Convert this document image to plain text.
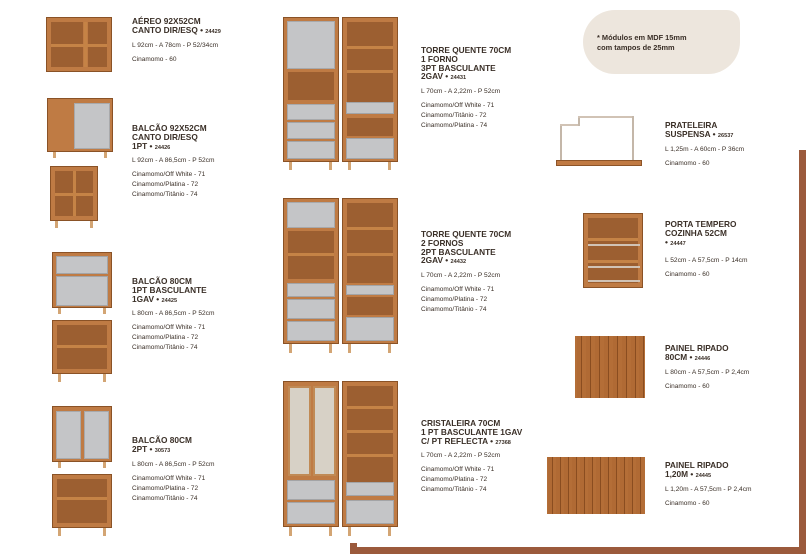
* Módulos em MDF 15mm
com tampos de 25mm
AÉREO 92X52CM
CANTO DIR/ESQ • 24429
L 92cm - A 78cm - P 52/34cm
Cinamomo - 60
BALCÃO 92X52CM
CANTO DIR/ESQ
1PT • 24426
L 92cm - A 86,5cm - P 52cm
Cinamomo/Off White - 71
Cinamomo/Platina - 72
Cinamomo/Titânio - 74
BALCÃO 80CM
1PT BASCULANTE
1GAV • 24425
L 80cm - A 86,5cm - P 52cm
Cinamomo/Off White - 71
Cinamomo/Platina - 72
Cinamomo/Titânio - 74
BALCÃO 80CM
2PT • 30573
L 80cm - A 86,5cm - P 52cm
Cinamomo/Off White - 71
Cinamomo/Platina - 72
Cinamomo/Titânio - 74
TORRE QUENTE 70CM
1 FORNO
3PT BASCULANTE
2GAV • 24431
L 70cm - A 2,22m - P 52cm
Cinamomo/Off White - 71
Cinamomo/Titânio - 72
Cinamomo/Platina - 74
TORRE QUENTE 70CM
2 FORNOS
2PT BASCULANTE
2GAV • 24432
L 70cm - A 2,22m - P 52cm
Cinamomo/Off White - 71
Cinamomo/Platina - 72
Cinamomo/Titânio - 74
CRISTALEIRA 70CM
1 PT BASCULANTE 1GAV
C/ PT REFLECTA • 27368
L 70cm - A 2,22m - P 52cm
Cinamomo/Off White - 71
Cinamomo/Platina - 72
Cinamomo/Titânio - 74
PRATELEIRA
SUSPENSA • 26537
L 1,25m - A 60cm - P 36cm
Cinamomo - 60
PORTA TEMPERO
COZINHA 52CM
• 24447
L 52cm - A 57,5cm - P 14cm
Cinamomo - 60
PAINEL RIPADO
80CM • 24446
L 80cm - A 57,5cm - P 2,4cm
Cinamomo - 60
PAINEL RIPADO
1,20M • 24445
L 1,20m - A 57,5cm - P 2,4cm
Cinamomo - 60
